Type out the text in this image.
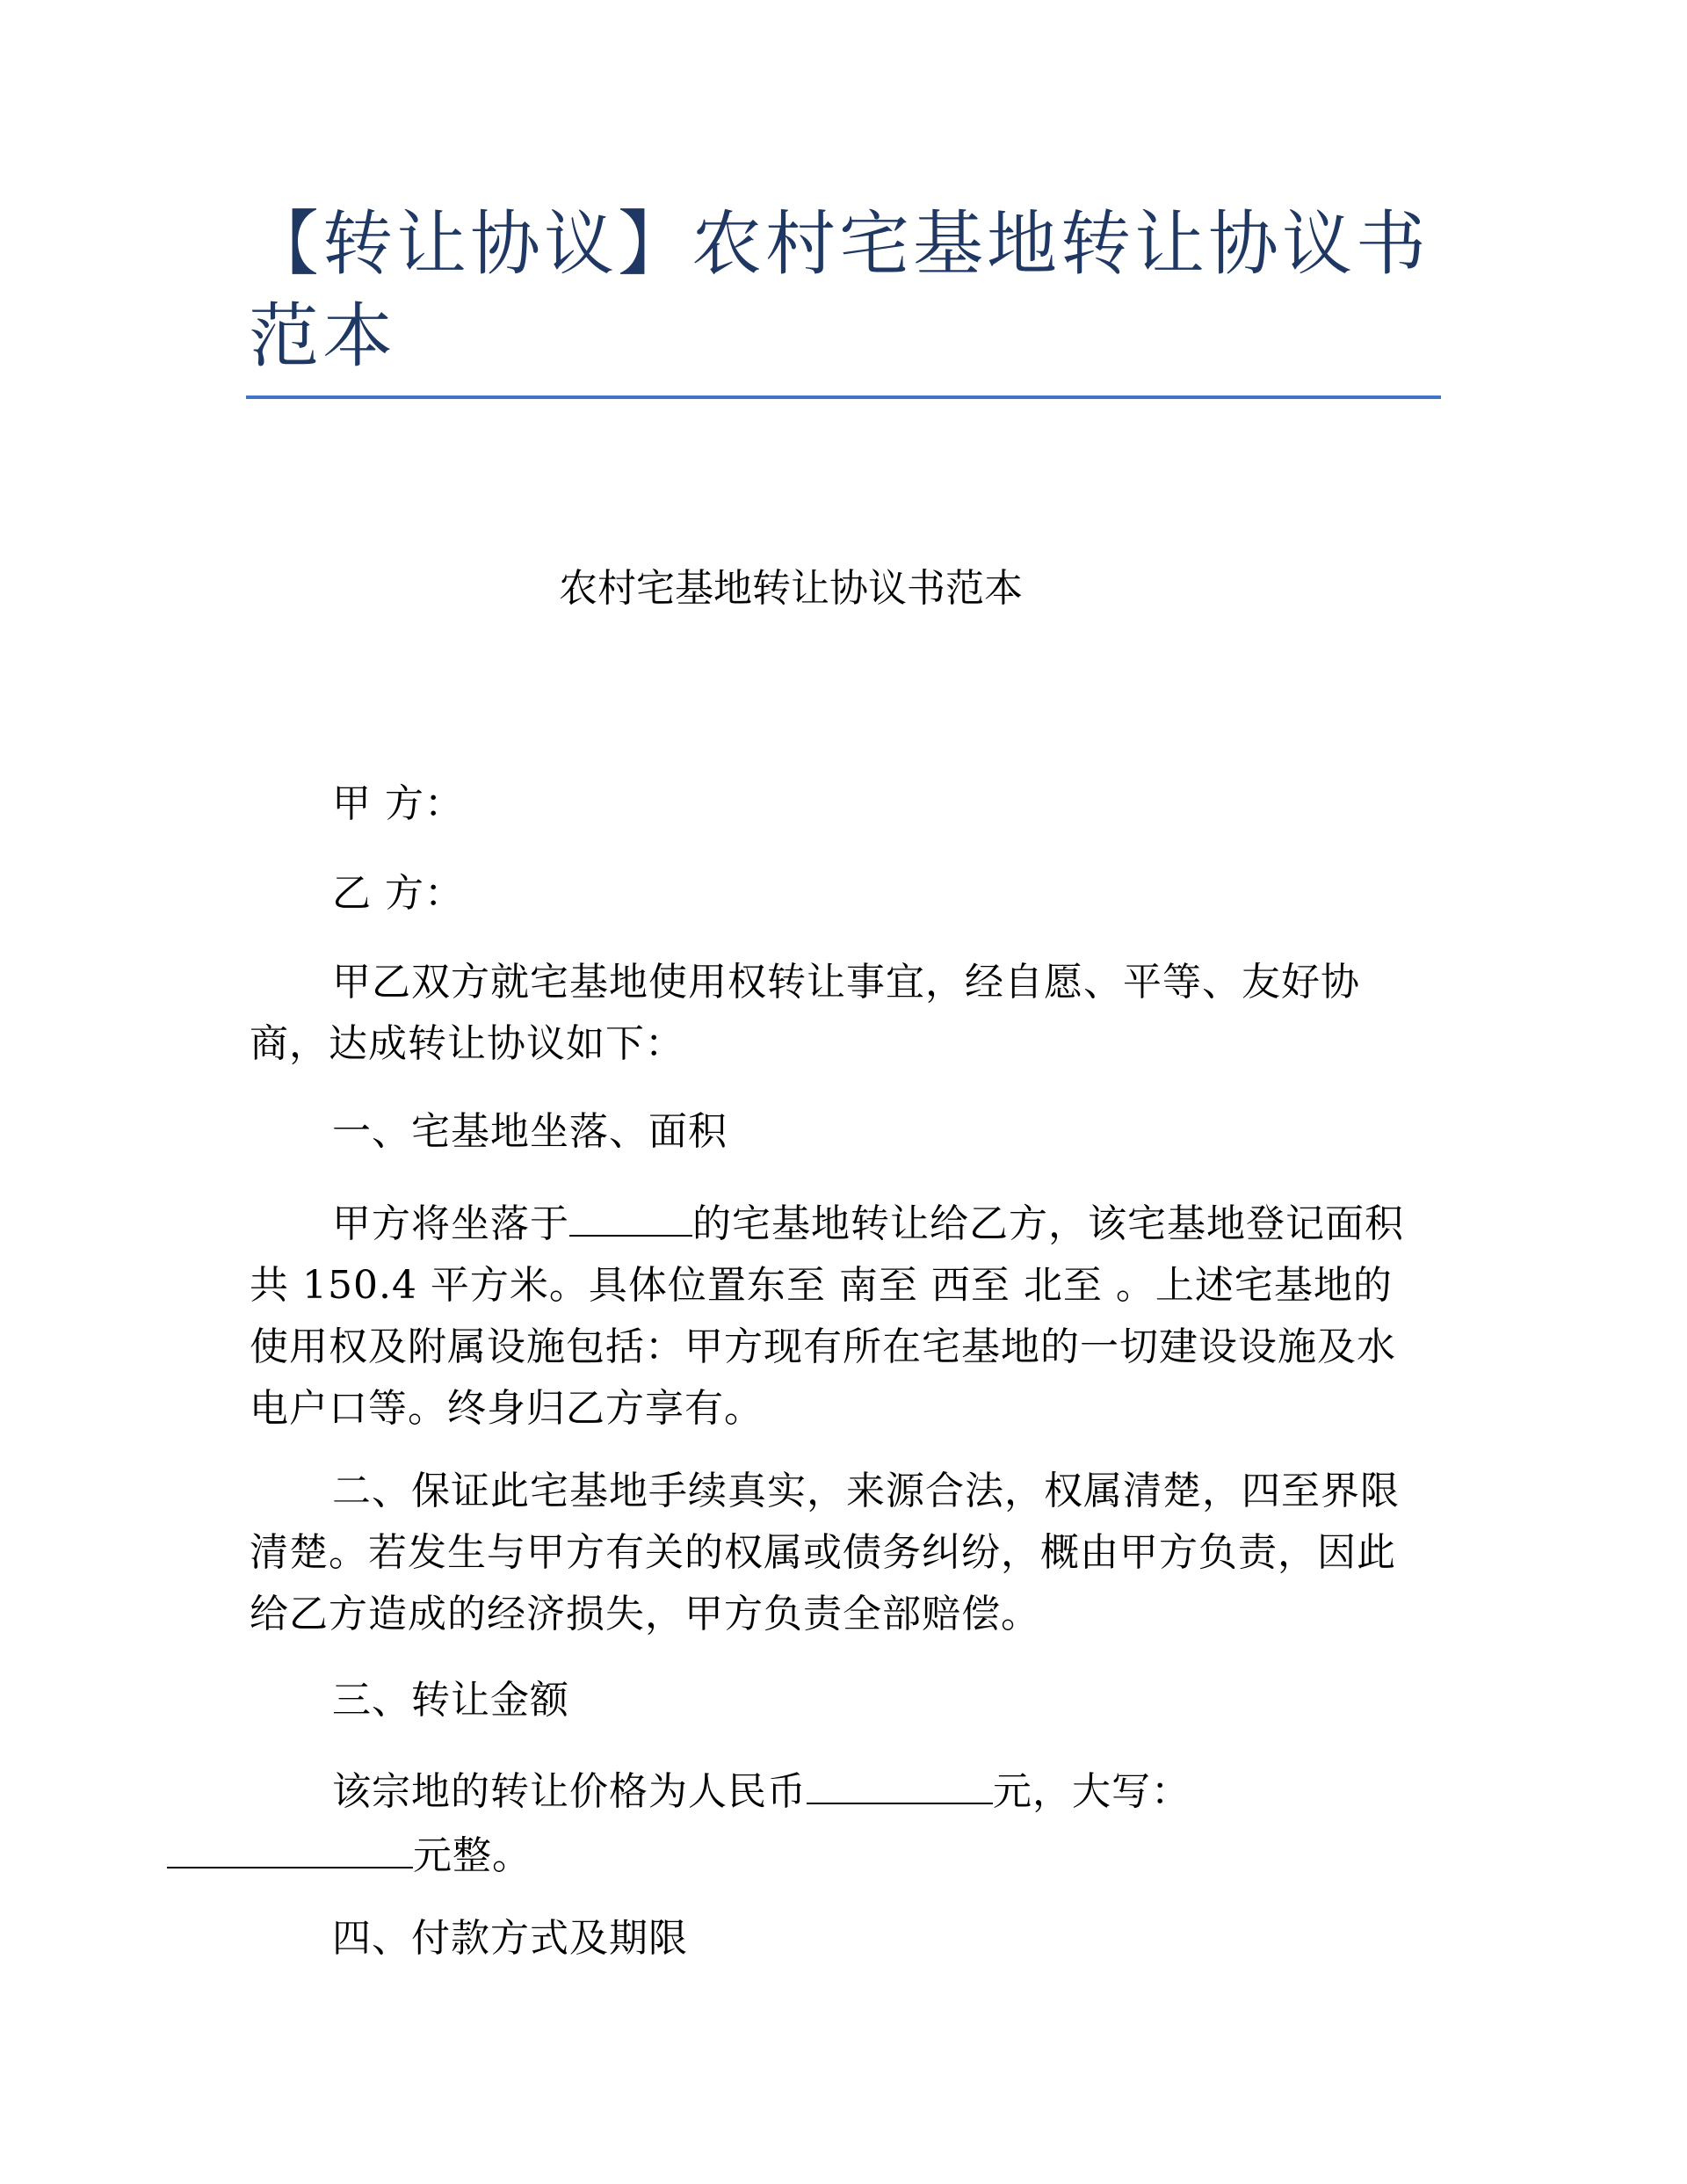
【转让协议】农村宅基地转让协议书范本
农村宅基地转让协议书范本
甲 方：
乙 方：
甲乙双方就宅基地使用权转让事宜，经自愿、平等、友好协商，达成转让协议如下：
一、宅基地坐落、面积
甲方将坐落于	的宅基地转让给乙方，该宅基地登记面积共 150.4 平方米。具体位置东至 南至 西至 北至 。上述宅基地的使用权及附属设施包括：甲方现有所在宅基地的一切建设设施及水电户口等。终身归乙方享有。
二、保证此宅基地手续真实，来源合法，权属清楚，四至界限清楚。若发生与甲方有关的权属或债务纠纷，概由甲方负责，因此给乙方造成的经济损失，甲方负责全部赔偿。
三、转让金额
该宗地的转让价格为人民币	元，大写：
元整。
四、付款方式及期限
